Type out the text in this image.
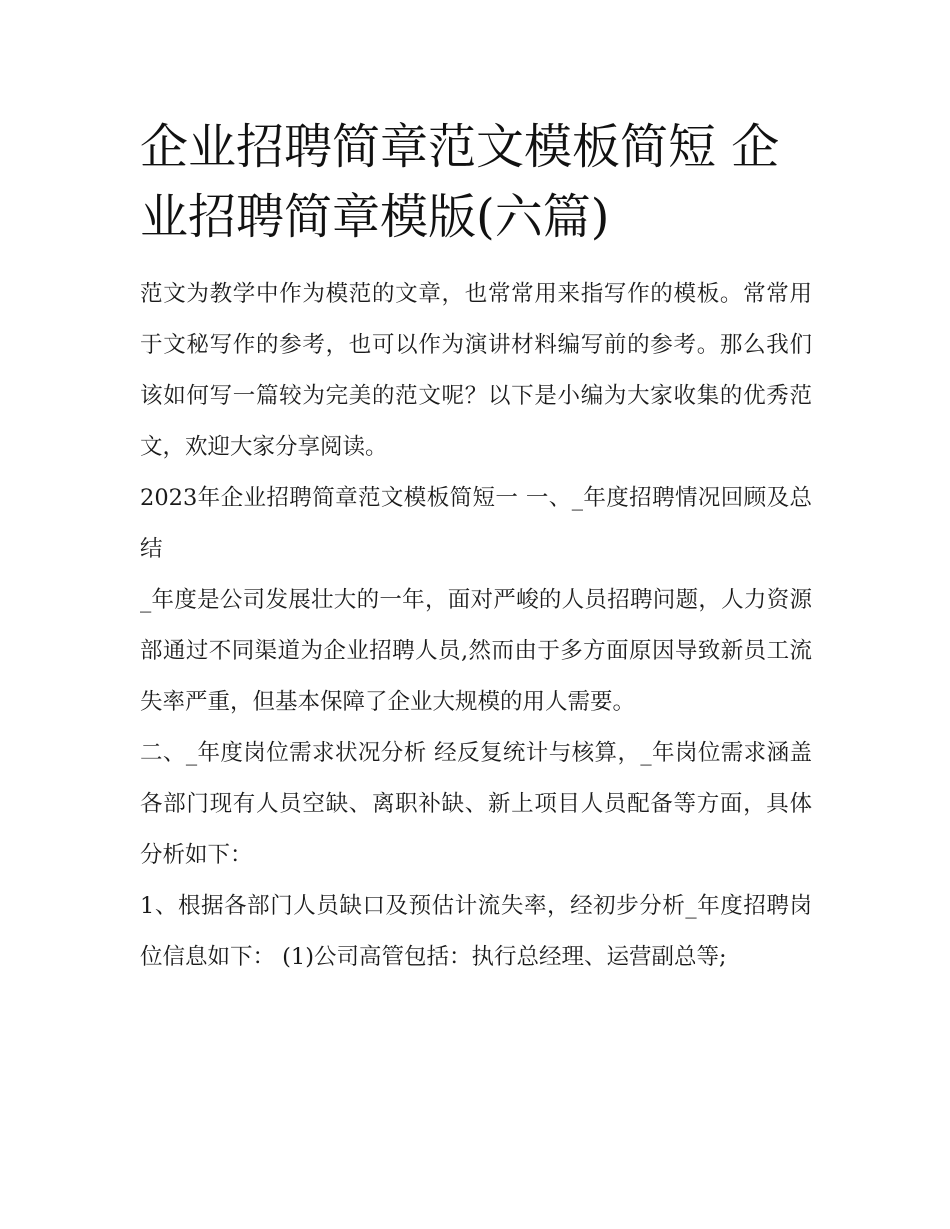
企业招聘简章范文模板简短 企业招聘简章模版(六篇)

范文为教学中作为模范的文章，也常常用来指写作的模板。常常用于文秘写作的参考，也可以作为演讲材料编写前的参考。那么我们该如何写一篇较为完美的范文呢？以下是小编为大家收集的优秀范文，欢迎大家分享阅读。

2023年企业招聘简章范文模板简短一 一、_年度招聘情况回顾及总结

_年度是公司发展壮大的一年，面对严峻的人员招聘问题，人力资源部通过不同渠道为企业招聘人员,然而由于多方面原因导致新员工流失率严重，但基本保障了企业大规模的用人需要。

二、_年度岗位需求状况分析 经反复统计与核算，_年岗位需求涵盖各部门现有人员空缺、离职补缺、新上项目人员配备等方面，具体分析如下：

1、根据各部门人员缺口及预估计流失率，经初步分析_年度招聘岗位信息如下： (1)公司高管包括：执行总经理、运营副总等;
